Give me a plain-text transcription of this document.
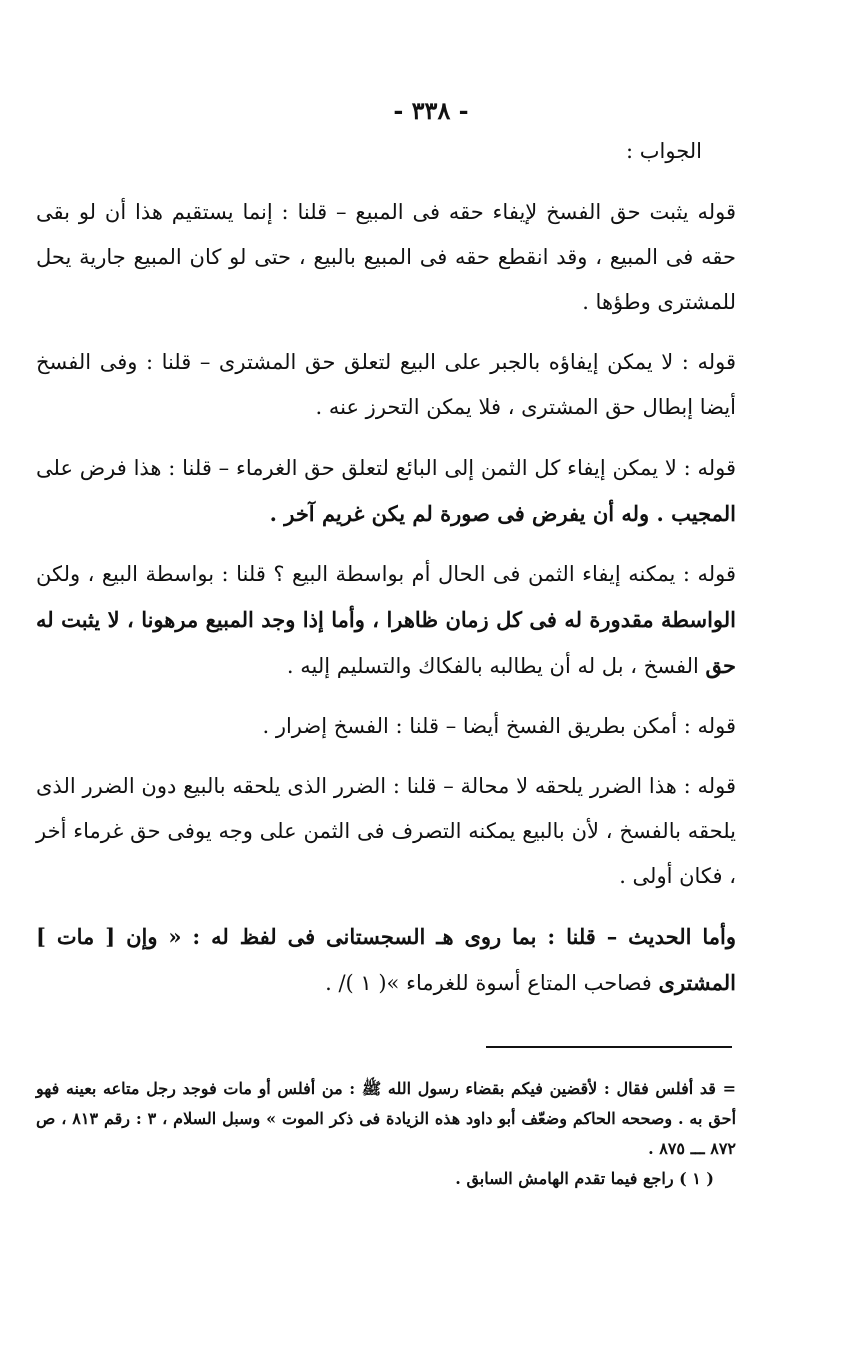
- ٣٣٨ -
الجواب :
قوله يثبت حق الفسخ لإيفاء حقه فى المبيع – قلنا : إنما يستقيم هذا أن لو بقى حقه فى المبيع ، وقد انقطع حقه فى المبيع بالبيع ، حتى لو كان المبيع جارية يحل للمشترى وطؤها .
قوله : لا يمكن إيفاؤه بالجبر على البيع لتعلق حق المشترى – قلنا : وفى الفسخ أيضا إبطال حق المشترى ، فلا يمكن التحرز عنه .
قوله : لا يمكن إيفاء كل الثمن إلى البائع لتعلق حق الغرماء – قلنا : هذا فرض على المجيب . وله أن يفرض فى صورة لم يكن غريم آخر .
قوله : يمكنه إيفاء الثمن فى الحال أم بواسطة البيع ؟ قلنا : بواسطة البيع ، ولكن الواسطة مقدورة له فى كل زمان ظاهرا ، وأما إذا وجد المبيع مرهونا ، لا يثبت له حق الفسخ ، بل له أن يطالبه بالفكاك والتسليم إليه .
قوله : أمكن بطريق الفسخ أيضا – قلنا : الفسخ إضرار .
قوله : هذا الضرر يلحقه لا محالة – قلنا : الضرر الذى يلحقه بالبيع دون الضرر الذى يلحقه بالفسخ ، لأن بالبيع يمكنه التصرف فى الثمن على وجه يوفى حق غرماء أخر ، فكان أولى .
وأما الحديث – قلنا : بما روى هـ السجستانى فى لفظ له : « وإن [ مات ] المشترى فصاحب المتاع أسوة للغرماء »( ١ )/ .
= قد أفلس فقال : لأقضين فيكم بقضاء رسول الله ﷺ : من أفلس أو مات فوجد رجل متاعه بعينه فهو أحق به . وصححه الحاكم وضعّف أبو داود هذه الزيادة فى ذكر الموت » وسبل السلام ، ٣ : رقم ٨١٣ ، ص ٨٧٢ ـــ ٨٧٥ .
( ١ ) راجع فيما تقدم الهامش السابق .
